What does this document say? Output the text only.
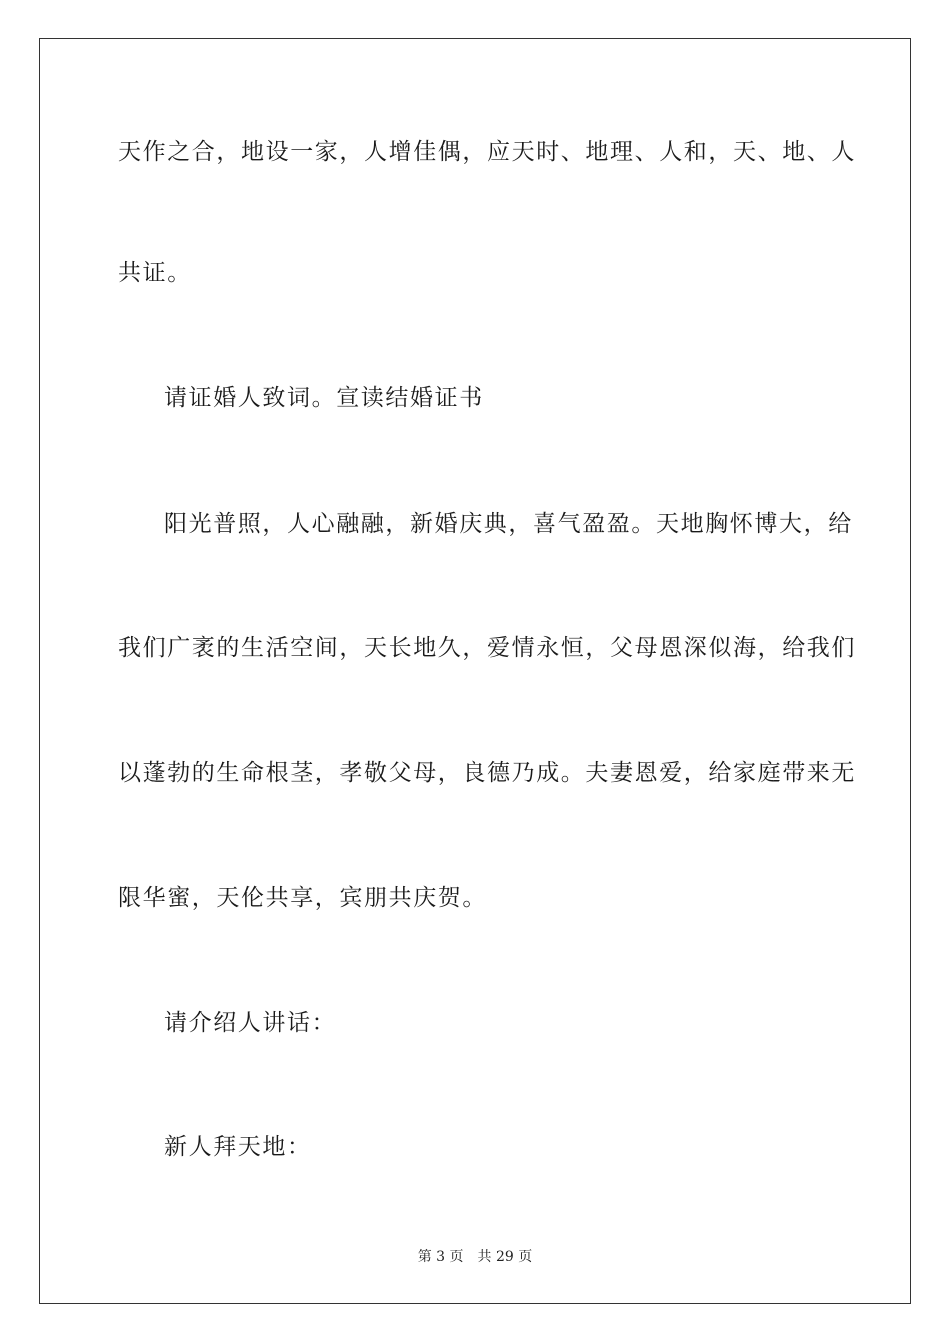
天作之合，地设一家，人增佳偶，应天时、地理、人和，天、地、人
共证。
请证婚人致词。宣读结婚证书
阳光普照，人心融融，新婚庆典，喜气盈盈。天地胸怀博大，给
我们广袤的生活空间，天长地久，爱情永恒，父母恩深似海，给我们
以蓬勃的生命根茎，孝敬父母，良德乃成。夫妻恩爱，给家庭带来无
限华蜜，天伦共享，宾朋共庆贺。
请介绍人讲话：
新人拜天地：
第 3 页 共 29 页
